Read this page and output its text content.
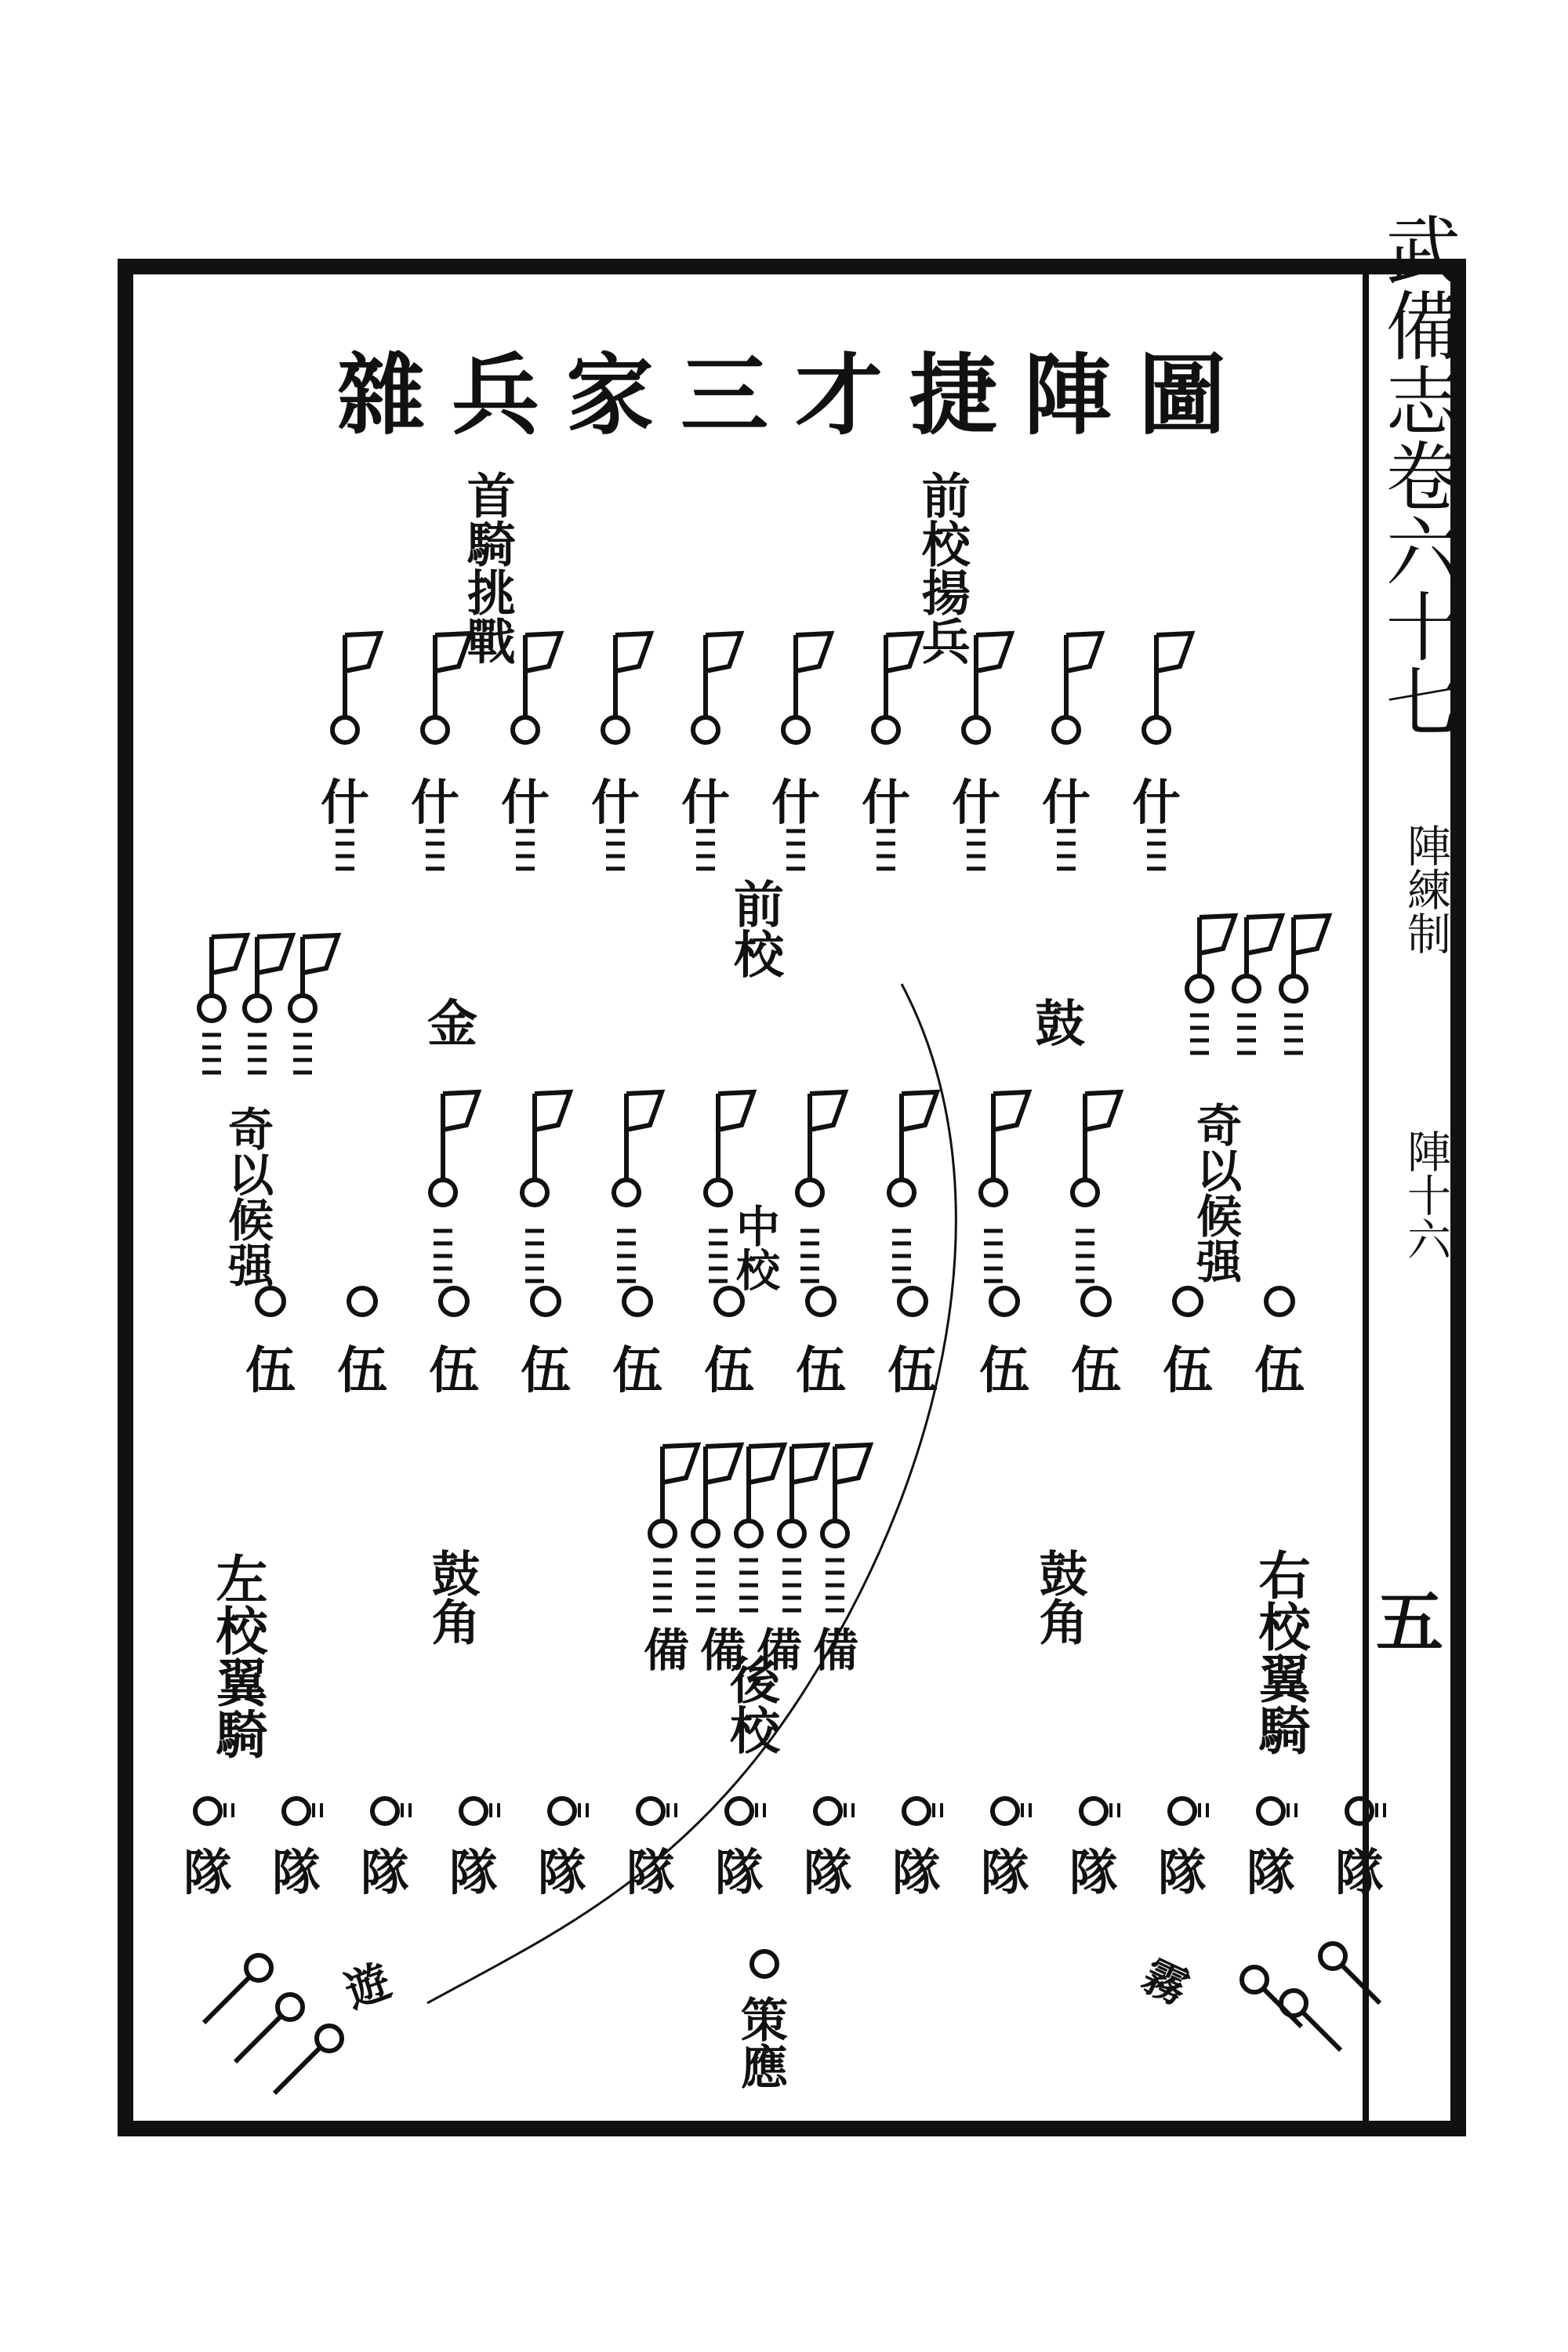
雜兵家三才捷陣圖
首騎挑戰	前校揚兵
前校
金	鼓
奇以候强	奇以候强
中校
左校翼騎	右校翼騎
鼓角	鼓角
後校
策應
遊	霧
武備志卷六十七
陣練制
陣十六
五
什 什 什 什 什 什 什 什 什 什
伍 伍 伍 伍 伍 伍 伍 伍 伍 伍 伍 伍
備 備 備 備
隊 隊 隊 隊 隊 隊 隊 隊 隊 隊 隊 隊 隊 隊
